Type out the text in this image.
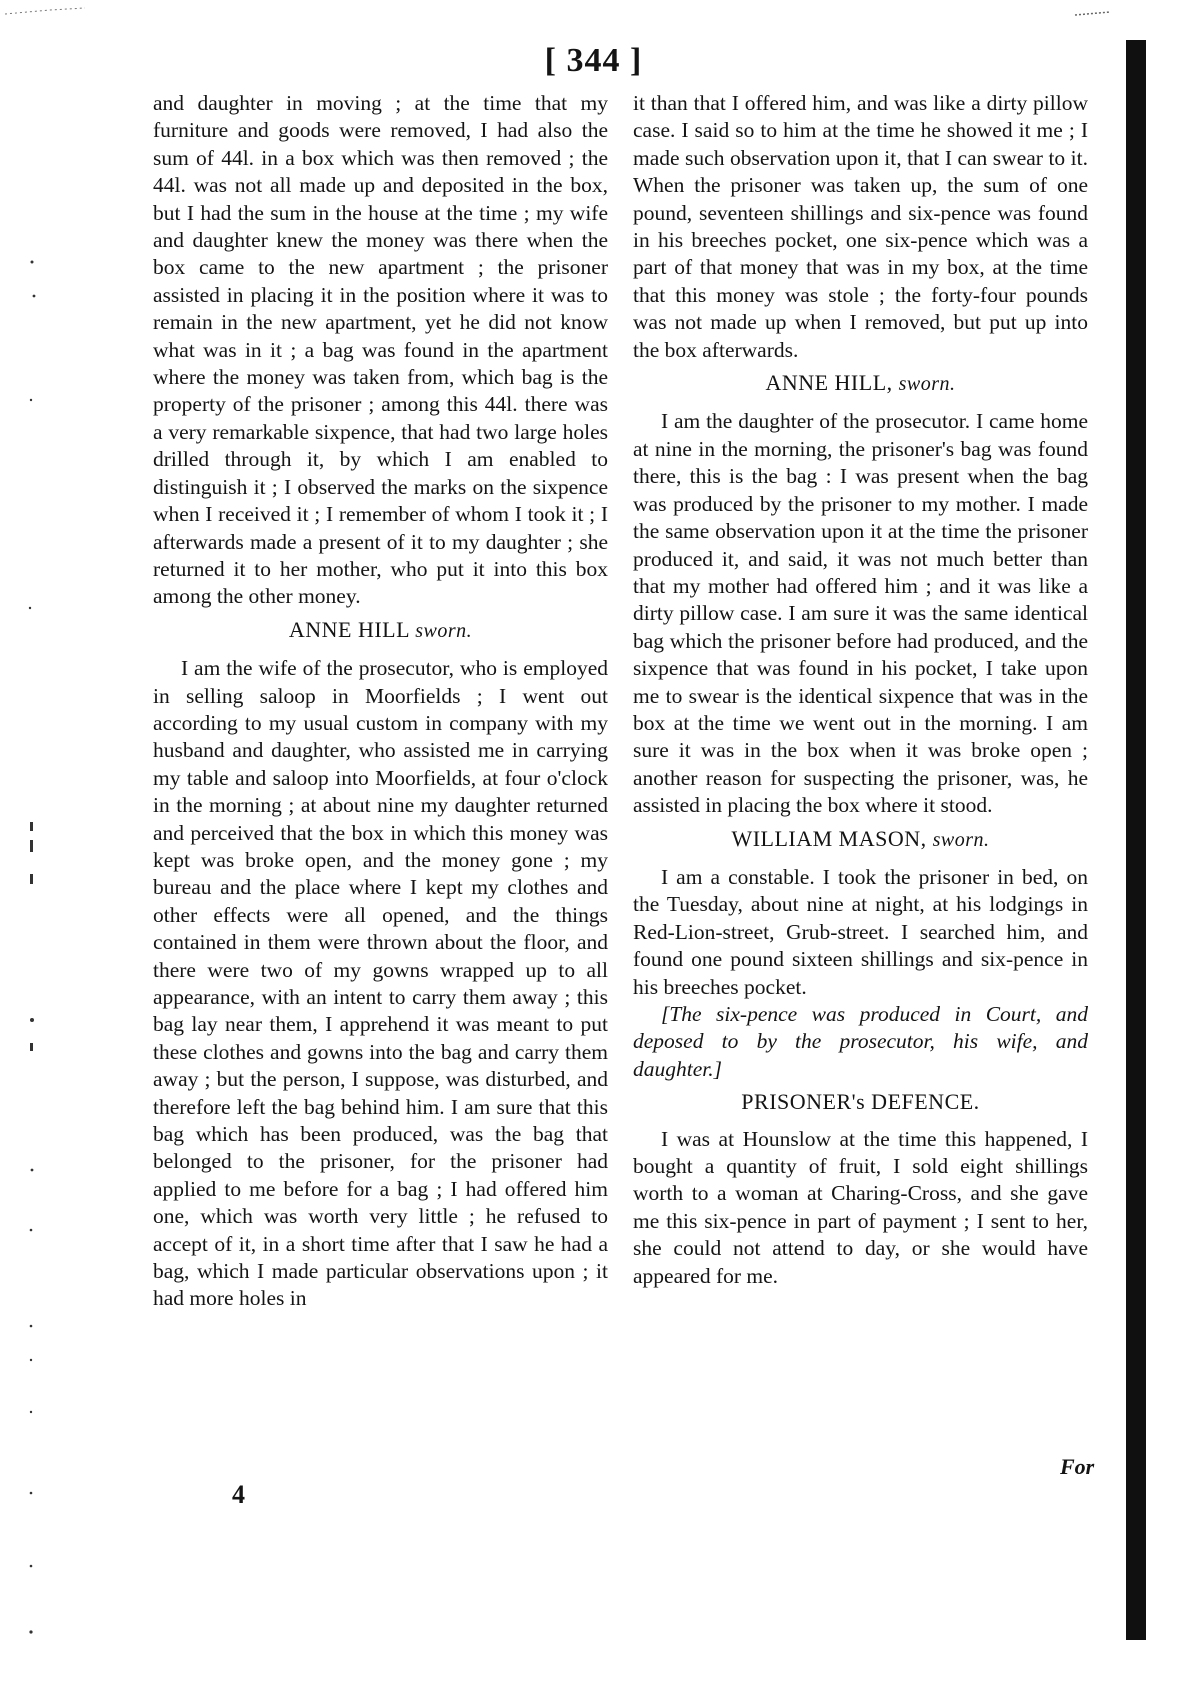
[ 344 ]

and daughter in moving ; at the time that my furniture and goods were removed, I had also the sum of 44l. in a box which was then removed ; the 44l. was not all made up and deposited in the box, but I had the sum in the house at the time ; my wife and daughter knew the money was there when the box came to the new apartment ; the prisoner assisted in placing it in the position where it was to remain in the new apartment, yet he did not know what was in it ; a bag was found in the apartment where the money was taken from, which bag is the property of the prisoner ; among this 44l. there was a very remarkable sixpence, that had two large holes drilled through it, by which I am enabled to distinguish it ; I observed the marks on the sixpence when I received it ; I remember of whom I took it ; I afterwards made a present of it to my daughter ; she returned it to her mother, who put it into this box among the other money.

ANNE HILL sworn.

I am the wife of the prosecutor, who is employed in selling saloop in Moorfields ; I went out according to my usual custom in company with my husband and daughter, who assisted me in carrying my table and saloop into Moorfields, at four o'clock in the morning ; at about nine my daughter returned and perceived that the box in which this money was kept was broke open, and the money gone ; my bureau and the place where I kept my clothes and other effects were all opened, and the things contained in them were thrown about the floor, and there were two of my gowns wrapped up to all appearance, with an intent to carry them away ; this bag lay near them, I apprehend it was meant to put these clothes and gowns into the bag and carry them away ; but the person, I suppose, was disturbed, and therefore left the bag behind him. I am sure that this bag which has been produced, was the bag that belonged to the prisoner, for the prisoner had applied to me before for a bag ; I had offered him one, which was worth very little ; he refused to accept of it, in a short time after that I saw he had a bag, which I made particular observations upon ; it had more holes in

it than that I offered him, and was like a dirty pillow case. I said so to him at the time he showed it me ; I made such observation upon it, that I can swear to it. When the prisoner was taken up, the sum of one pound, seventeen shillings and six-pence was found in his breeches pocket, one six-pence which was a part of that money that was in my box, at the time that this money was stole ; the forty-four pounds was not made up when I removed, but put up into the box afterwards.

ANNE HILL, sworn.

I am the daughter of the prosecutor. I came home at nine in the morning, the prisoner's bag was found there, this is the bag : I was present when the bag was produced by the prisoner to my mother. I made the same observation upon it at the time the prisoner produced it, and said, it was not much better than that my mother had offered him ; and it was like a dirty pillow case. I am sure it was the same identical bag which the prisoner before had produced, and the sixpence that was found in his pocket, I take upon me to swear is the identical sixpence that was in the box at the time we went out in the morning. I am sure it was in the box when it was broke open ; another reason for suspecting the prisoner, was, he assisted in placing the box where it stood.

WILLIAM MASON, sworn.

I am a constable. I took the prisoner in bed, on the Tuesday, about nine at night, at his lodgings in Red-Lion-street, Grub-street. I searched him, and found one pound sixteen shillings and six-pence in his breeches pocket.

[The six-pence was produced in Court, and deposed to by the prosecutor, his wife, and daughter.]

PRISONER's DEFENCE.

I was at Hounslow at the time this happened, I bought a quantity of fruit, I sold eight shillings worth to a woman at Charing-Cross, and she gave me this six-pence in part of payment ; I sent to her, she could not attend to day, or she would have appeared for me.

4
For
